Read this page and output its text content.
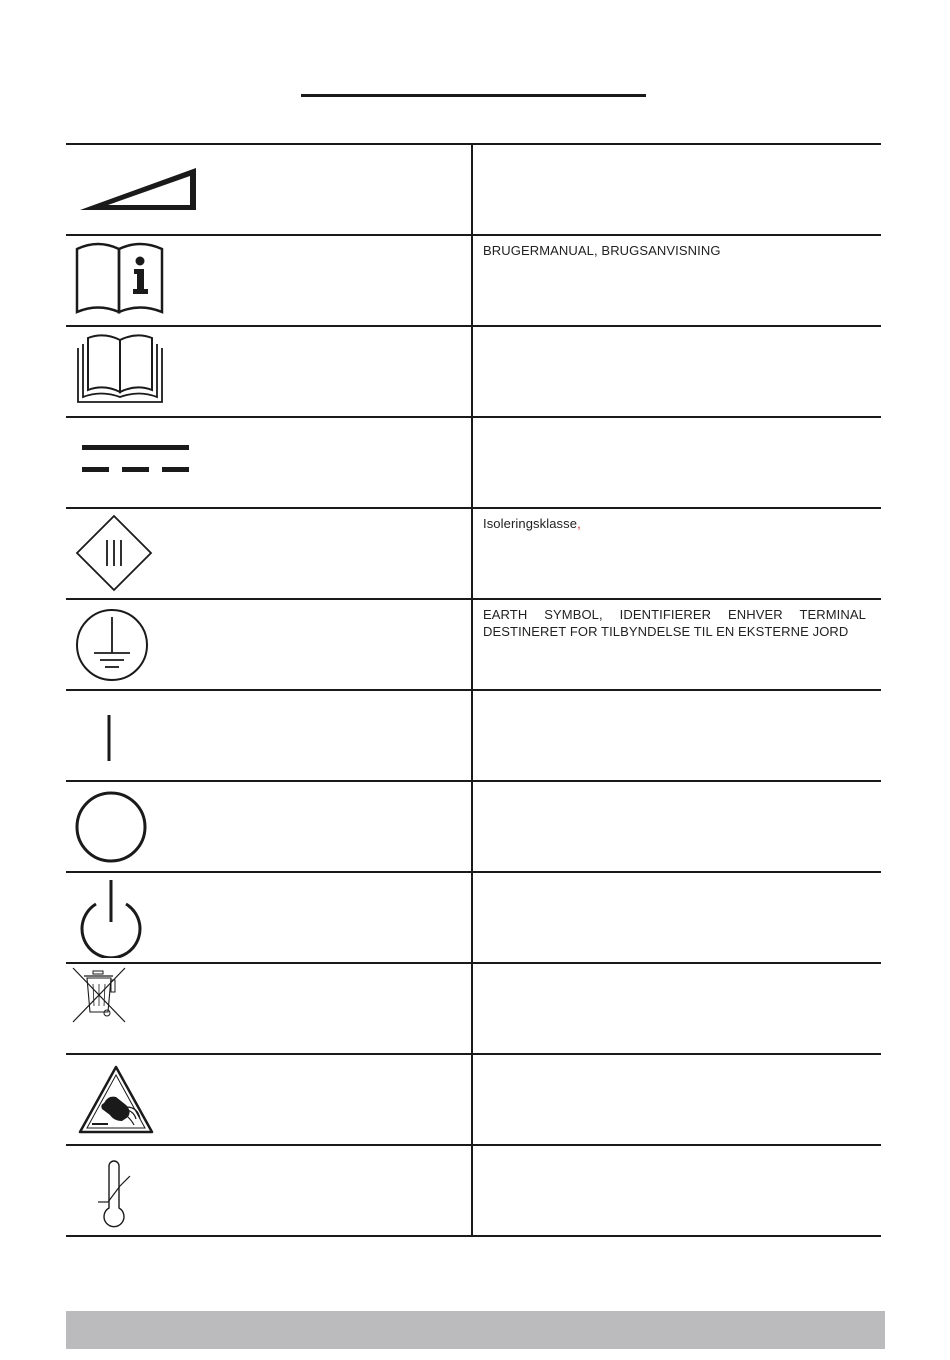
BRUGERMANUAL, BRUGSANVISNING
Isoleringsklasse,
EARTH SYMBOL, IDENTIFIERER ENHVER TERMINAL DESTINERET FOR TILBYNDELSE TIL EN EKSTERNE JORD
